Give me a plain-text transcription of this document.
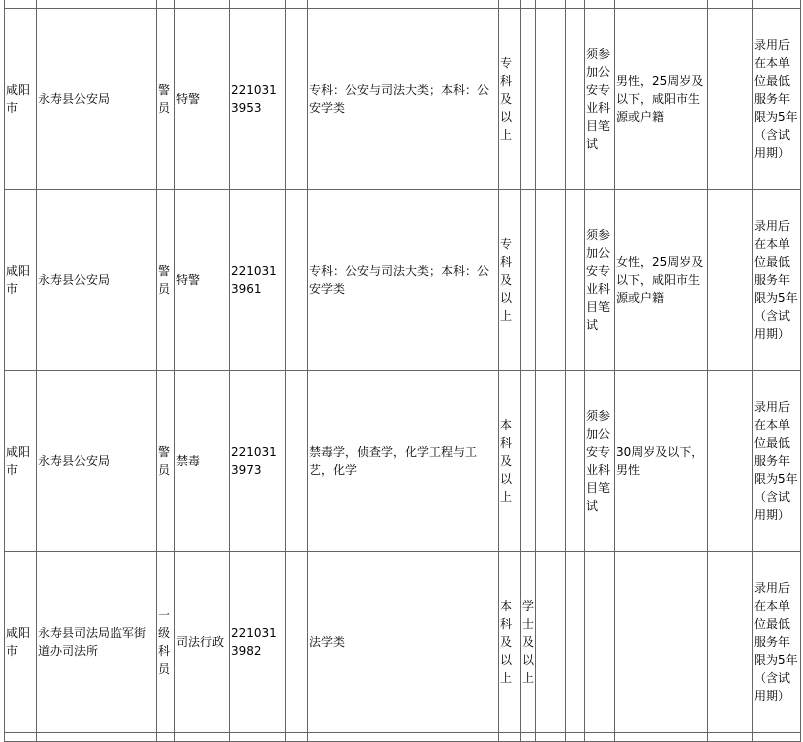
咸阳市	永寿县公安局	警员	特警	2210313953		专科：公安与司法大类；本科：公安学类	专科及以上				须参加公安专业科目笔试	男性，25周岁及以下，咸阳市生源或户籍		录用后在本单位最低服务年限为5年（含试用期）
咸阳市	永寿县公安局	警员	特警	2210313961		专科：公安与司法大类；本科：公安学类	专科及以上				须参加公安专业科目笔试	女性，25周岁及以下，咸阳市生源或户籍		录用后在本单位最低服务年限为5年（含试用期）
咸阳市	永寿县公安局	警员	禁毒	2210313973		禁毒学，侦查学，化学工程与工艺，化学	本科及以上				须参加公安专业科目笔试	30周岁及以下，男性		录用后在本单位最低服务年限为5年（含试用期）
咸阳市	永寿县司法局监军街道办司法所	一级科员	司法行政	2210313982		法学类	本科及以上	学士及以上						录用后在本单位最低服务年限为5年（含试用期）
